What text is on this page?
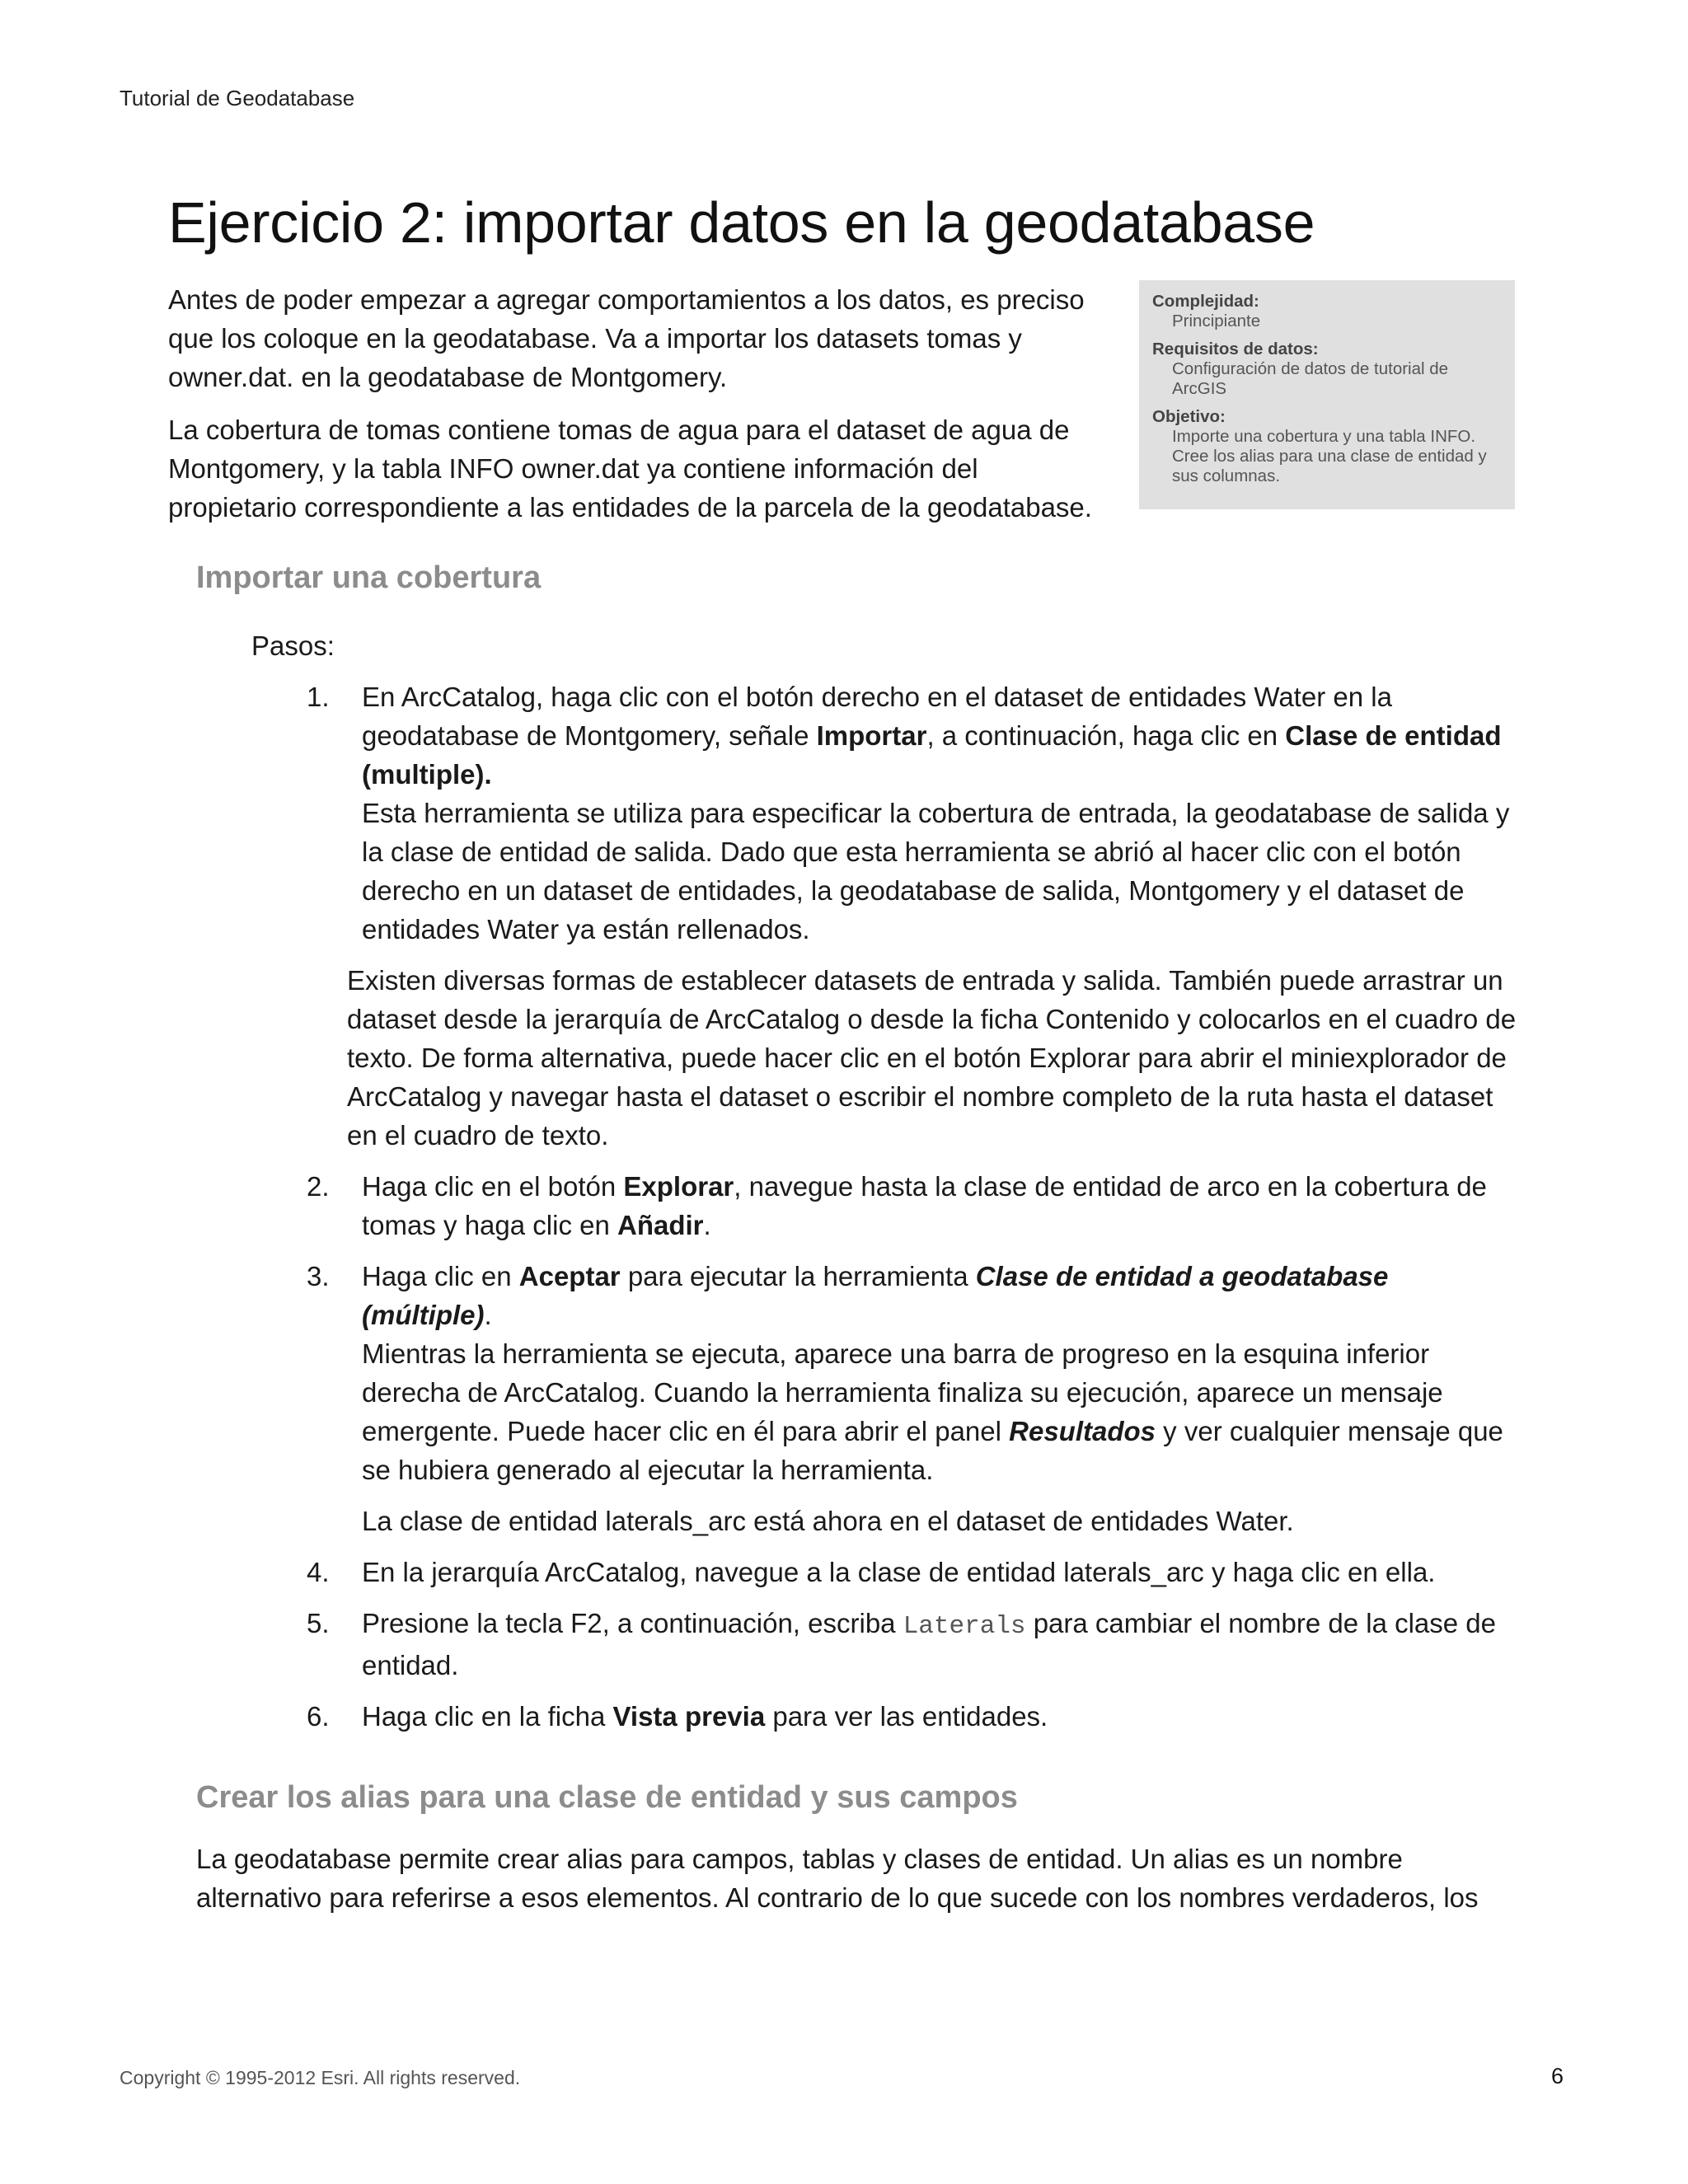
Tutorial de Geodatabase
Ejercicio 2: importar datos en la geodatabase

Antes de poder empezar a agregar comportamientos a los datos, es preciso que los coloque en la geodatabase. Va a importar los datasets tomas y owner.dat. en la geodatabase de Montgomery.

La cobertura de tomas contiene tomas de agua para el dataset de agua de Montgomery, y la tabla INFO owner.dat ya contiene información del propietario correspondiente a las entidades de la parcela de la geodatabase.

Complejidad:
Principiante
Requisitos de datos:
Configuración de datos de tutorial de ArcGIS
Objetivo:
Importe una cobertura y una tabla INFO. Cree los alias para una clase de entidad y sus columnas.
Importar una cobertura
Pasos:
1. En ArcCatalog, haga clic con el botón derecho en el dataset de entidades Water en la geodatabase de Montgomery, señale Importar, a continuación, haga clic en Clase de entidad (multiple).

Esta herramienta se utiliza para especificar la cobertura de entrada, la geodatabase de salida y la clase de entidad de salida. Dado que esta herramienta se abrió al hacer clic con el botón derecho en un dataset de entidades, la geodatabase de salida, Montgomery y el dataset de entidades Water ya están rellenados.

Existen diversas formas de establecer datasets de entrada y salida. También puede arrastrar un dataset desde la jerarquía de ArcCatalog o desde la ficha Contenido y colocarlos en el cuadro de texto. De forma alternativa, puede hacer clic en el botón Explorar para abrir el miniexplorador de ArcCatalog y navegar hasta el dataset o escribir el nombre completo de la ruta hasta el dataset en el cuadro de texto.

2. Haga clic en el botón Explorar, navegue hasta la clase de entidad de arco en la cobertura de tomas y haga clic en Añadir.

3. Haga clic en Aceptar para ejecutar la herramienta Clase de entidad a geodatabase (múltiple).

Mientras la herramienta se ejecuta, aparece una barra de progreso en la esquina inferior derecha de ArcCatalog. Cuando la herramienta finaliza su ejecución, aparece un mensaje emergente. Puede hacer clic en él para abrir el panel Resultados y ver cualquier mensaje que se hubiera generado al ejecutar la herramienta.

La clase de entidad laterals_arc está ahora en el dataset de entidades Water.

4. En la jerarquía ArcCatalog, navegue a la clase de entidad laterals_arc y haga clic en ella.

5. Presione la tecla F2, a continuación, escriba Laterals para cambiar el nombre de la clase de entidad.

6. Haga clic en la ficha Vista previa para ver las entidades.

Crear los alias para una clase de entidad y sus campos

La geodatabase permite crear alias para campos, tablas y clases de entidad. Un alias es un nombre alternativo para referirse a esos elementos. Al contrario de lo que sucede con los nombres verdaderos, los

Copyright © 1995-2012 Esri. All rights reserved.	6
